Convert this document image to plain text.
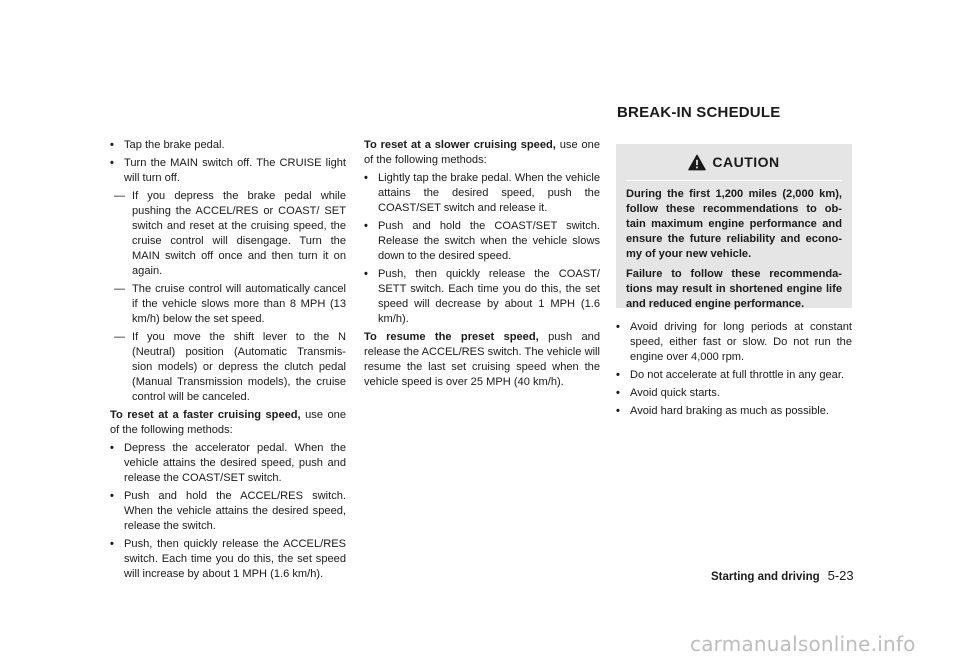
• Tap the brake pedal.
• Turn the MAIN switch off. The CRUISE light will turn off.
— If you depress the brake pedal while pushing the ACCEL/RES or COAST/ SET switch and reset at the cruising speed, the cruise control will disengage. Turn the MAIN switch off once and then turn it on again.
— The cruise control will automatically cancel if the vehicle slows more than 8 MPH (13 km/h) below the set speed.
— If you move the shift lever to the N (Neutral) position (Automatic Transmis- sion models) or depress the clutch pedal (Manual Transmission models), the cruise control will be canceled.

To reset at a faster cruising speed, use one of the following methods:

• Depress the accelerator pedal. When the vehicle attains the desired speed, push and release the COAST/SET switch.
• Push and hold the ACCEL/RES switch. When the vehicle attains the desired speed, release the switch.
• Push, then quickly release the ACCEL/RES switch. Each time you do this, the set speed will increase by about 1 MPH (1.6 km/h).

To reset at a slower cruising speed, use one of the following methods:

• Lightly tap the brake pedal. When the vehicle attains the desired speed, push the COAST/SET switch and release it.
• Push and hold the COAST/SET switch. Release the switch when the vehicle slows down to the desired speed.
• Push, then quickly release the COAST/ SETT switch. Each time you do this, the set speed will decrease by about 1 MPH (1.6 km/h).

To resume the preset speed, push and release the ACCEL/RES switch. The vehicle will resume the last set cruising speed when the vehicle speed is over 25 MPH (40 km/h).

BREAK-IN SCHEDULE
CAUTION

During the first 1,200 miles (2,000 km), follow these recommendations to ob- tain maximum engine performance and ensure the future reliability and econo- my of your new vehicle.

Failure to follow these recommenda- tions may result in shortened engine life and reduced engine performance.

• Avoid driving for long periods at constant speed, either fast or slow. Do not run the engine over 4,000 rpm.
• Do not accelerate at full throttle in any gear.
• Avoid quick starts.
• Avoid hard braking as much as possible.
Starting and driving 5-23
carmanualsonline.info
